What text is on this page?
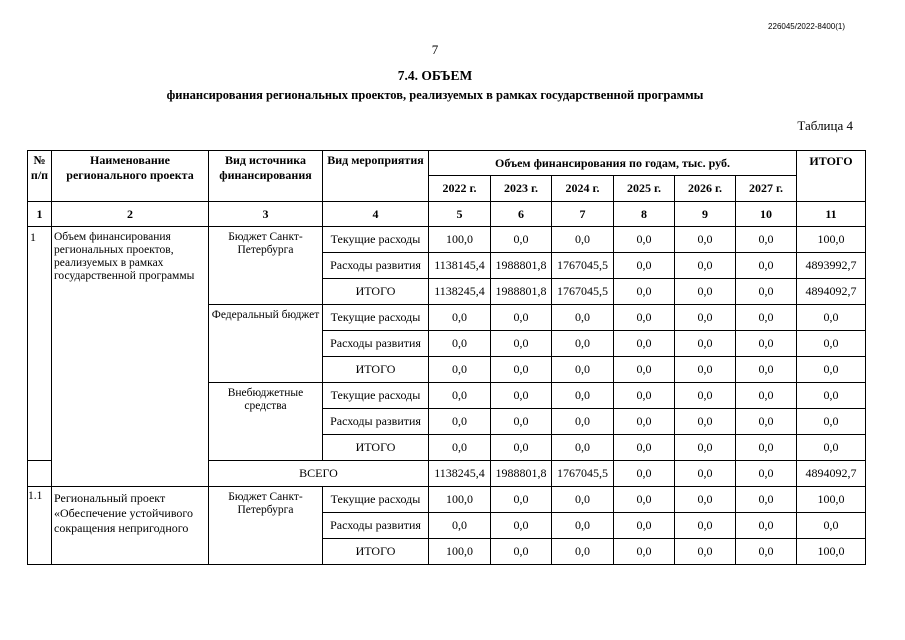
226045/2022-8400(1)
7
7.4. ОБЪЕМ
финансирования региональных проектов, реализуемых в рамках государственной программы
Таблица 4
№ п/п	Наименование регионального проекта	Вид источника финансирования	Вид мероприятия	Объем финансирования по годам, тыс. руб.						ИТОГО
				2022 г.	2023 г.	2024 г.	2025 г.	2026 г.	2027 г.	
1	2	3	4	5	6	7	8	9	10	11
1	Объем финансирования региональных проектов, реализуемых в рамках государственной программы	Бюджет Санкт-Петербурга	Текущие расходы	100,0	0,0	0,0	0,0	0,0	0,0	100,0
			Расходы развития	1138145,4	1988801,8	1767045,5	0,0	0,0	0,0	4893992,7
			ИТОГО	1138245,4	1988801,8	1767045,5	0,0	0,0	0,0	4894092,7
		Федеральный бюджет	Текущие расходы	0,0	0,0	0,0	0,0	0,0	0,0	0,0
			Расходы развития	0,0	0,0	0,0	0,0	0,0	0,0	0,0
			ИТОГО	0,0	0,0	0,0	0,0	0,0	0,0	0,0
		Внебюджетные средства	Текущие расходы	0,0	0,0	0,0	0,0	0,0	0,0	0,0
			Расходы развития	0,0	0,0	0,0	0,0	0,0	0,0	0,0
			ИТОГО	0,0	0,0	0,0	0,0	0,0	0,0	0,0
		ВСЕГО		1138245,4	1988801,8	1767045,5	0,0	0,0	0,0	4894092,7
1.1	Региональный проект «Обеспечение устойчивого сокращения непригодного	Бюджет Санкт-Петербурга	Текущие расходы	100,0	0,0	0,0	0,0	0,0	0,0	100,0
			Расходы развития	0,0	0,0	0,0	0,0	0,0	0,0	0,0
			ИТОГО	100,0	0,0	0,0	0,0	0,0	0,0	100,0
